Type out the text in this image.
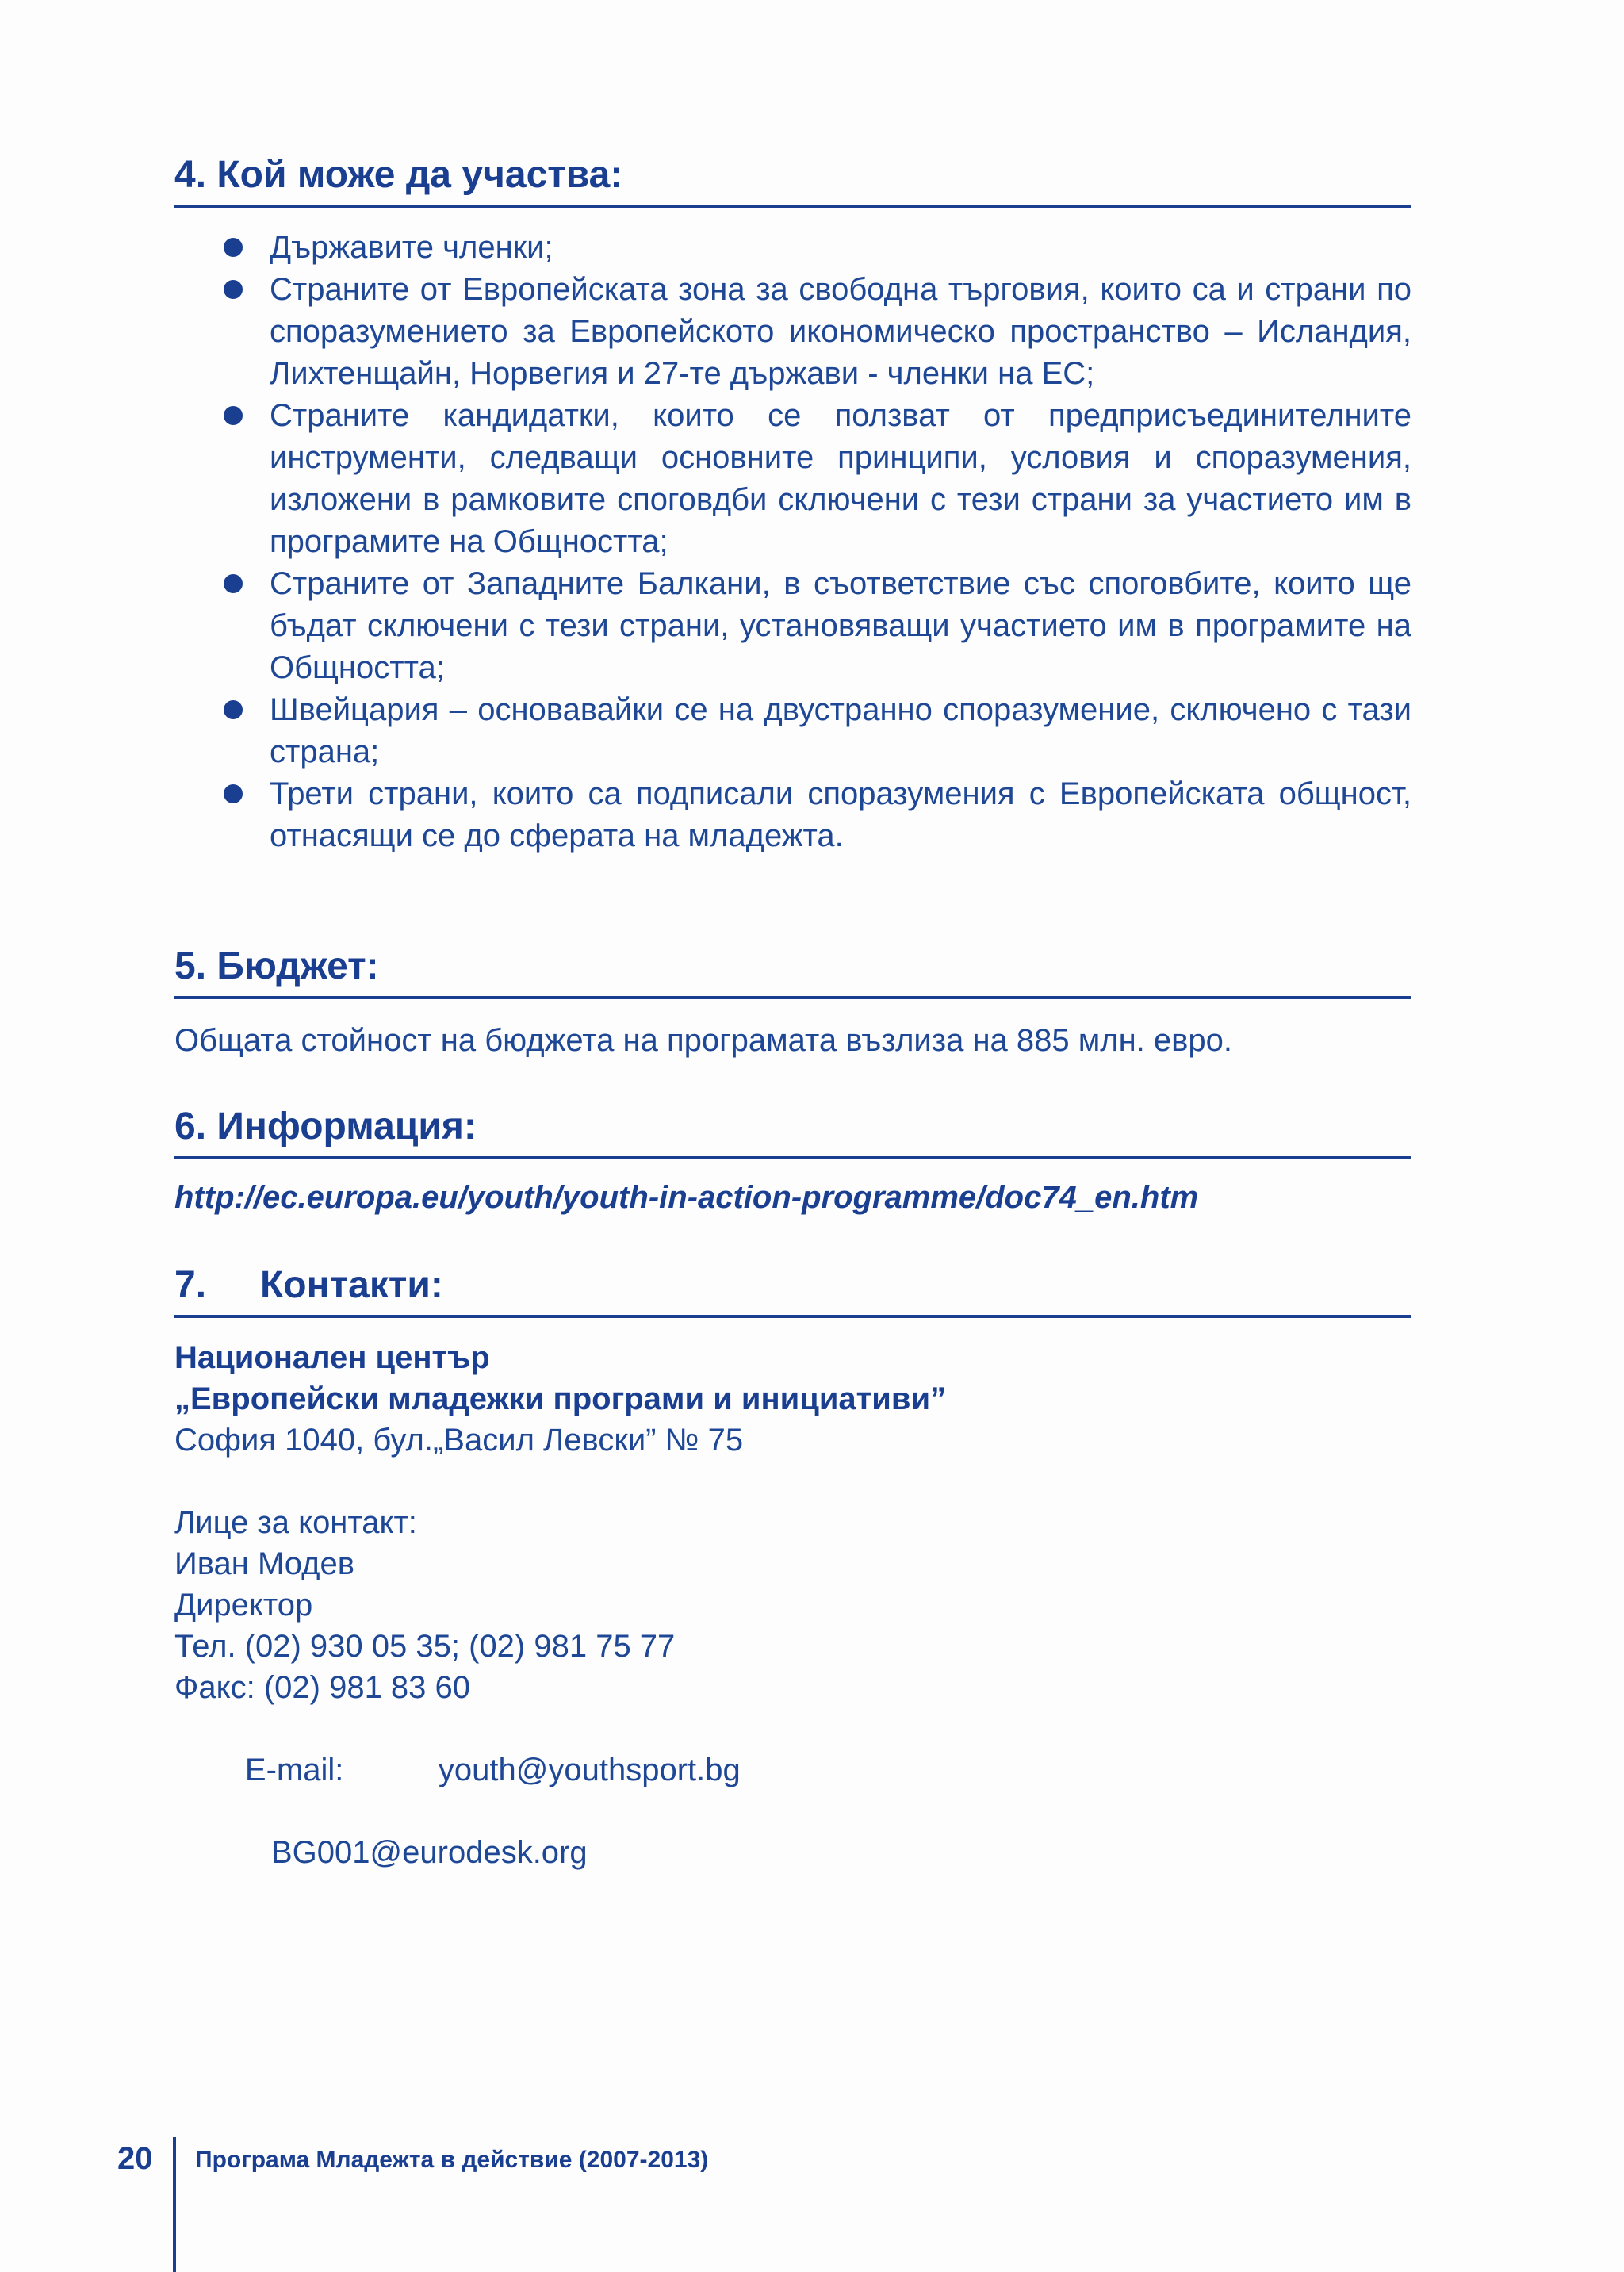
4. Кой може да участва:
Държавите членки;
Страните от Европейската зона за свободна търговия, които са и страни по споразумението за Европейското икономическо пространство – Исландия, Лихтенщайн, Норвегия и 27-те държави - членки на ЕС;
Страните кандидатки, които се ползват от предприсъединителните инструменти, следващи основните принципи, условия и споразумения, изложени в рамковите споговдби сключени с тези страни за участието им в програмите на Общността;
Страните от Западните Балкани, в съответствие със споговбите, които ще бъдат сключени с тези страни, установяващи участието им в програмите на Общността;
Швейцария – основавайки се на двустранно споразумение, сключено с тази страна;
Трети страни, които са подписали споразумения с Европейската общност, отнасящи се до сферата на младежта.
5. Бюджет:
Общата стойност на бюджета на програмата възлиза на 885 млн. евро.
6. Информация:
http://ec.europa.eu/youth/youth-in-action-programme/doc74_en.htm
7. Контакти:
Национален център
„Европейски младежки програми и инициативи”
София 1040, бул.„Васил Левски” № 75
Лице за контакт:
Иван Модев
Директор
Тел. (02) 930 05 35; (02) 981 75 77
Факс: (02) 981 83 60

E-mail:	youth@youthsport.bg

BG001@eurodesk.org
20 Програма Младежта в действие (2007-2013)
